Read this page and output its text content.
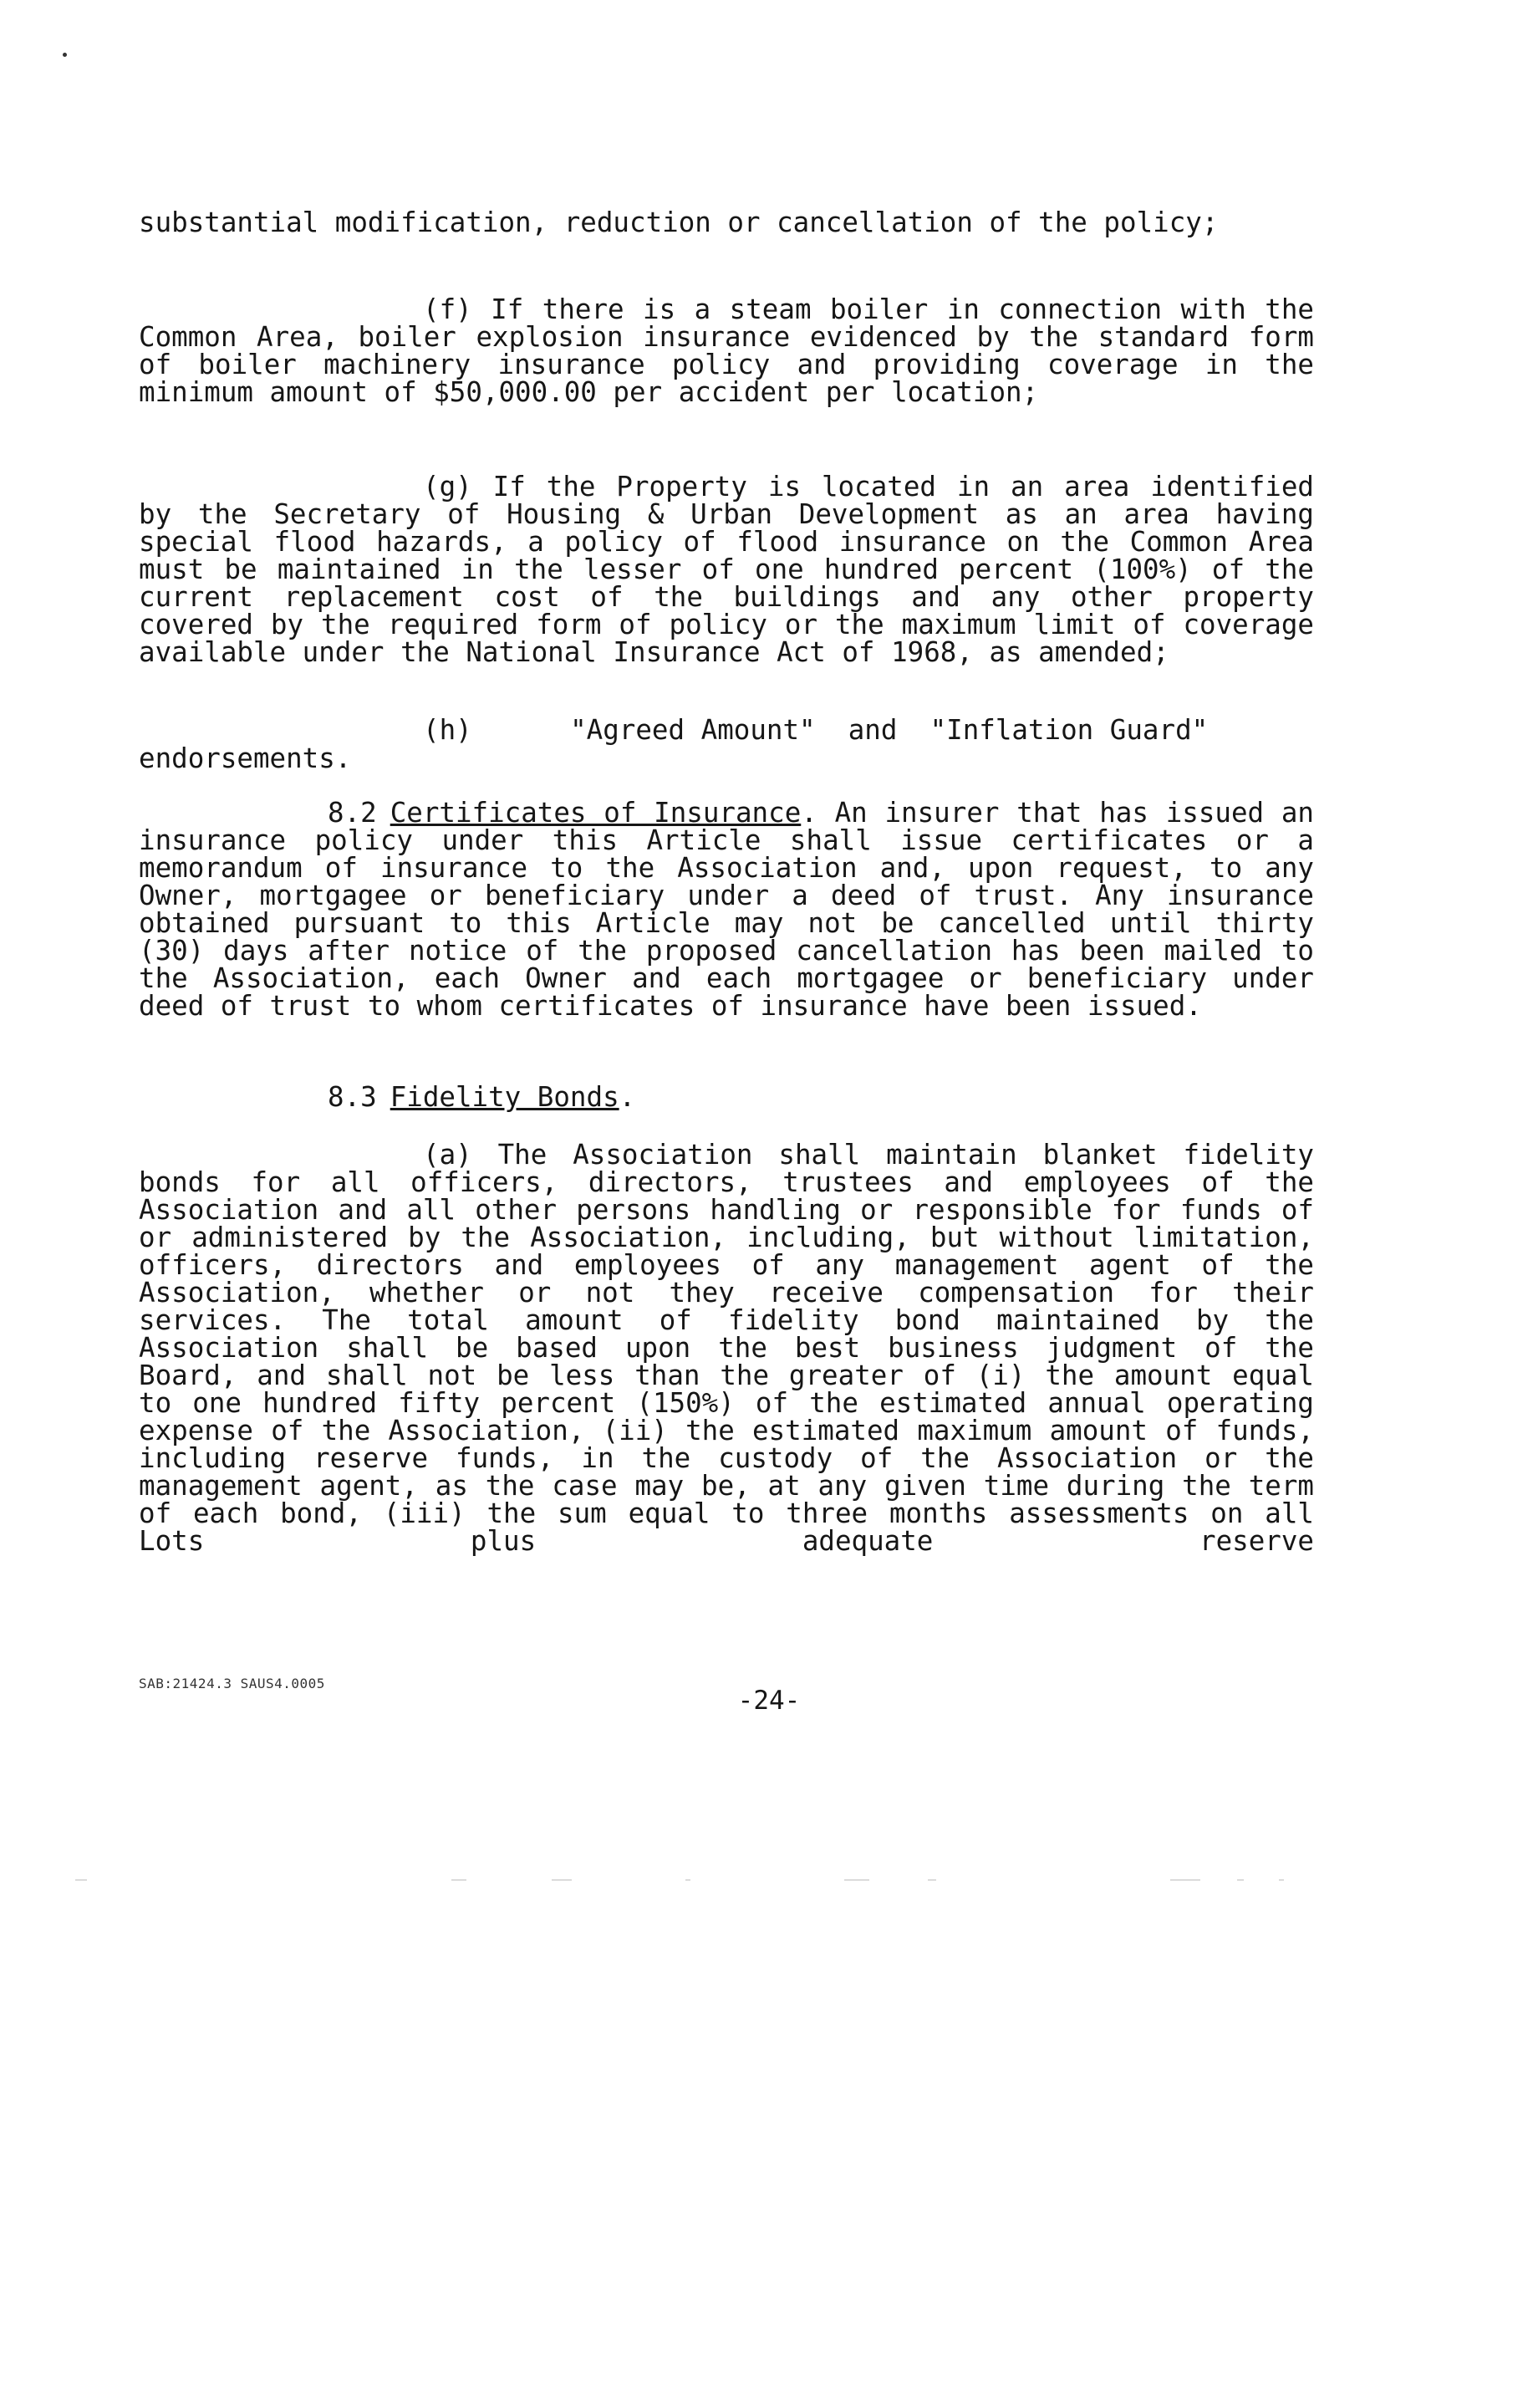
substantial modification, reduction or cancellation of the policy;

(f) If there is a steam boiler in connection with the Common Area, boiler explosion insurance evidenced by the standard form of boiler machinery insurance policy and providing coverage in the minimum amount of $50,000.00 per accident per location;

(g) If the Property is located in an area identified by the Secretary of Housing & Urban Development as an area having special flood hazards, a policy of flood insurance on the Common Area must be maintained in the lesser of one hundred percent (100%) of the current replacement cost of the buildings and any other property covered by the required form of policy or the maximum limit of coverage available under the National Insurance Act of 1968, as amended;

(h)      "Agreed Amount"  and  "Inflation Guard"

endorsements.

8.2 Certificates of Insurance. An insurer that has issued an insurance policy under this Article shall issue certificates or a memorandum of insurance to the Association and, upon request, to any Owner, mortgagee or beneficiary under a deed of trust. Any insurance obtained pursuant to this Article may not be cancelled until thirty (30) days after notice of the proposed cancellation has been mailed to the Association, each Owner and each mortgagee or beneficiary under deed of trust to whom certificates of insurance have been issued.

8.3 Fidelity Bonds.

(a) The Association shall maintain blanket fidelity bonds for all officers, directors, trustees and employees of the Association and all other persons handling or responsible for funds of or administered by the Association, including, but without limitation, officers, directors and employees of any management agent of the Association, whether or not they receive compensation for their services. The total amount of fidelity bond maintained by the Association shall be based upon the best business judgment of the Board, and shall not be less than the greater of (i) the amount equal to one hundred fifty percent (150%) of the estimated annual operating expense of the Association, (ii) the estimated maximum amount of funds, including reserve funds, in the custody of the Association or the management agent, as the case may be, at any given time during the term of each bond, (iii) the sum equal to three months assessments on all Lots plus adequate reserve

SAB:21424.3 SAUS4.0005

-24-
